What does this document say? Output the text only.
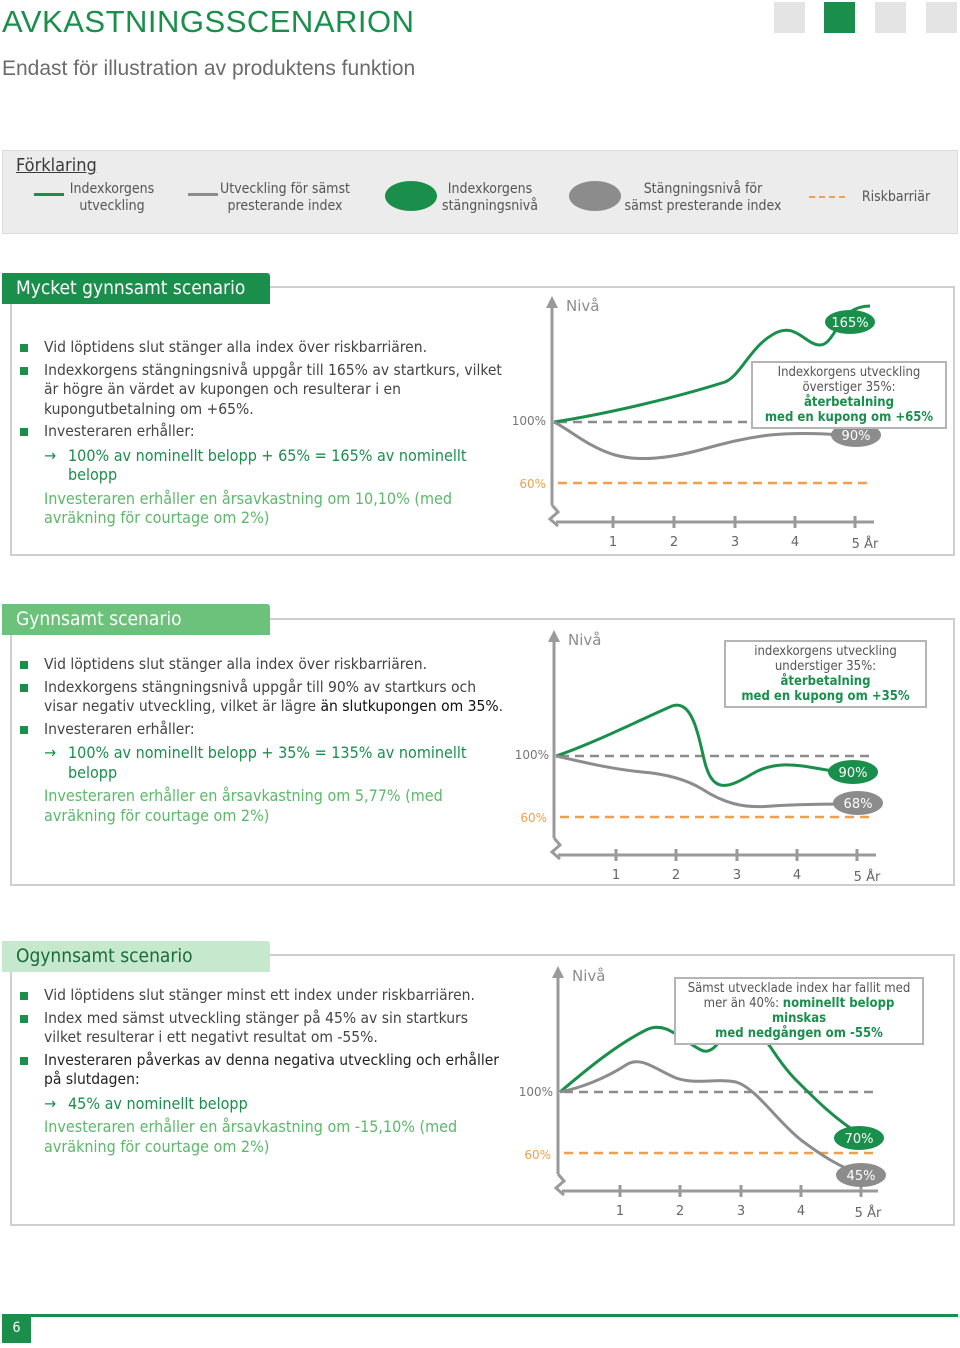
AVKASTNINGSSCENARION
Endast för illustration av produktens funktion
Förklaring
Indexkorgens
utveckling
Utveckling för sämst
presterande index
Indexkorgens
stängningsnivå
Stängningsnivå för
sämst presterande index
Riskbarriär
Mycket gynnsamt scenario
Vid löptidens slut stänger alla index över riskbarriären.
Indexkorgens stängningsnivå uppgår till 165% av startkurs, vilket är högre än värdet av kupongen och resulterar i en kupongutbetalning om +65%.
Investeraren erhåller:
→ 100% av nominellt belopp + 65% = 165% av nominellt belopp
Investeraren erhåller en årsavkastning om 10,10% (med avräkning för courtage om 2%)
Nivå
1	2	3	4	5 År
100%
60%
165%
90%
Indexkorgens utveckling
överstiger 35%: återbetalning
med en kupong om +65%
Gynnsamt scenario
Vid löptidens slut stänger alla index över riskbarriären.
Indexkorgens stängningsnivå uppgår till 90% av startkurs och visar negativ utveckling, vilket är lägre än slutkupongen om 35%.
Investeraren erhåller:
→ 100% av nominellt belopp + 35% = 135% av nominellt belopp
Investeraren erhåller en årsavkastning om 5,77% (med avräkning för courtage om 2%)
Nivå
1	2	3	4	5 År
100%
60%
90%
68%
indexkorgens utveckling
understiger 35%: återbetalning
med en kupong om +35%
Ogynnsamt scenario
Vid löptidens slut stänger minst ett index under riskbarriären.
Index med sämst utveckling stänger på 45% av sin startkurs vilket resulterar i ett negativt resultat om -55%.
Investeraren påverkas av denna negativa utveckling och erhåller på slutdagen:
→ 45% av nominellt belopp
Investeraren erhåller en årsavkastning om -15,10% (med avräkning för courtage om 2%)
Nivå
1	2	3	4	5 År
100%
60%
70%
45%
Sämst utvecklade index har fallit med
mer än 40%: nominellt belopp minskas
med nedgången om -55%
6
